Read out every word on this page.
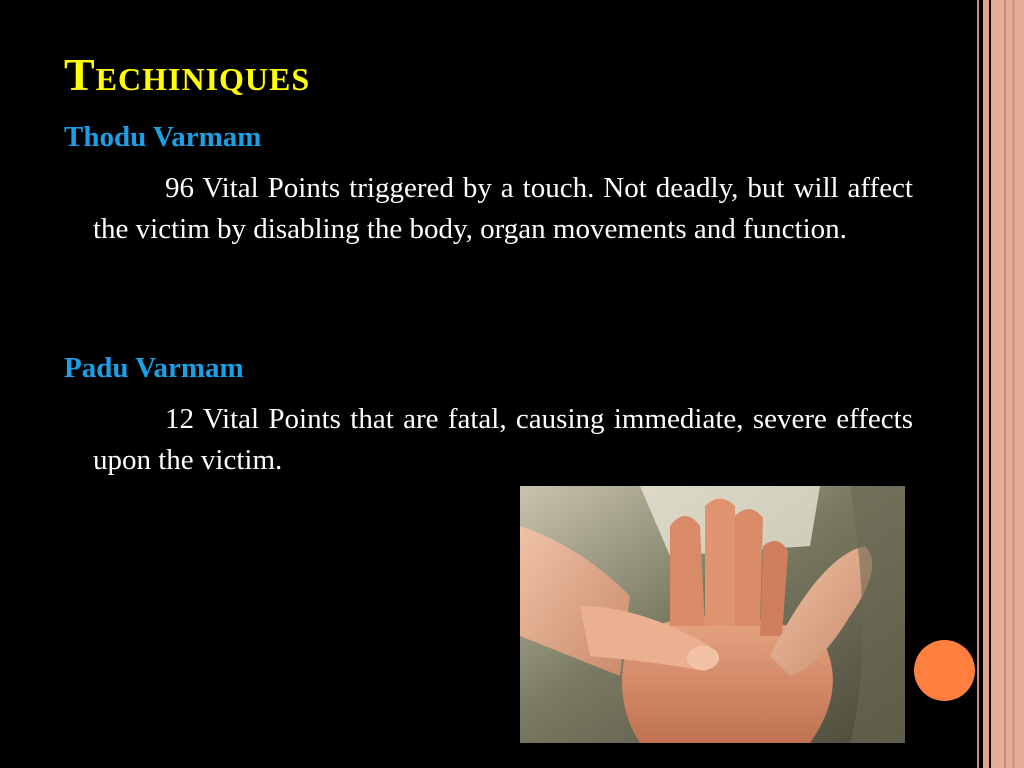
Techiniques
Thodu Varmam
96 Vital Points triggered by a touch. Not deadly, but will affect the victim by disabling the body, organ movements and function.
Padu Varmam
12 Vital Points that are fatal, causing immediate, severe effects upon the victim.
